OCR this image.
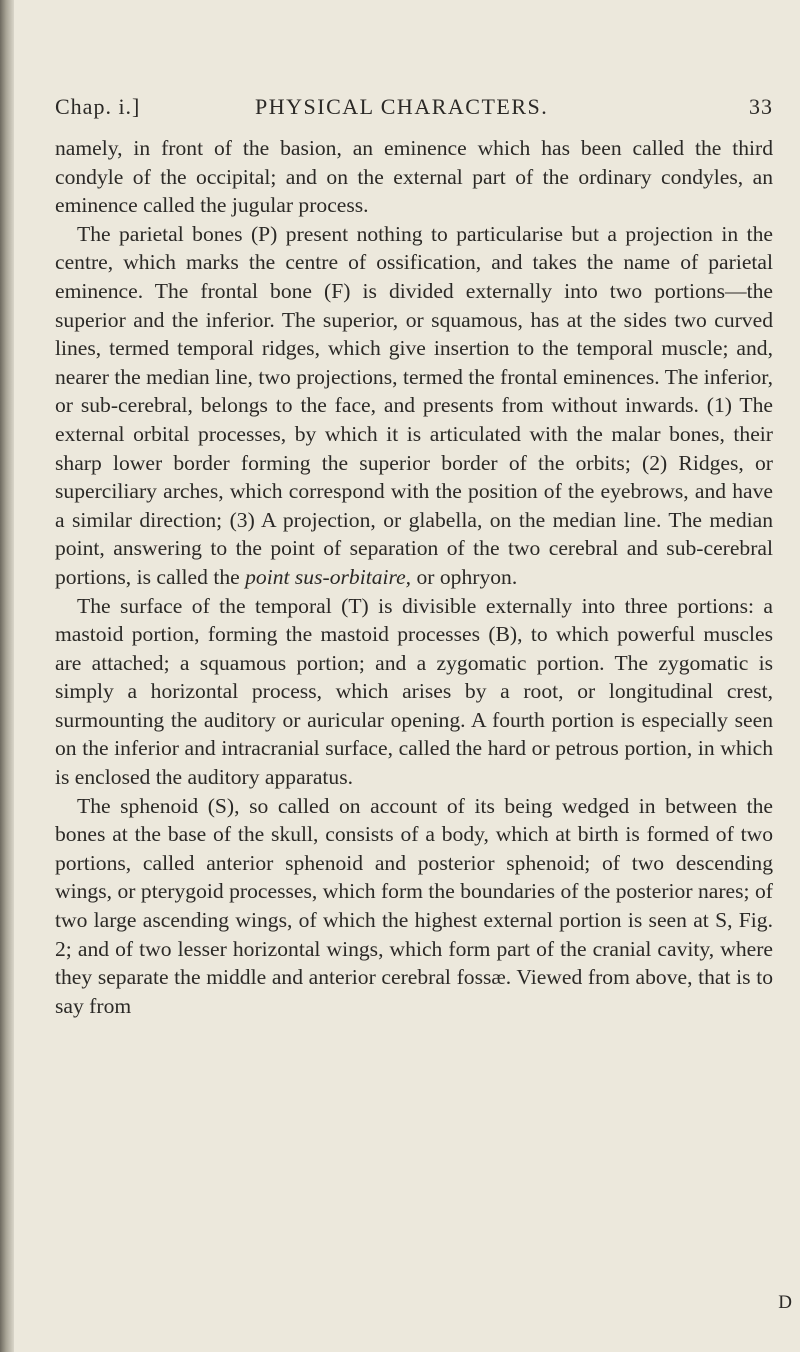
Chap. i.]	PHYSICAL CHARACTERS.	33

namely, in front of the basion, an eminence which has been called the third condyle of the occipital; and on the external part of the ordinary condyles, an eminence called the jugular process.

The parietal bones (P) present nothing to particularise but a projection in the centre, which marks the centre of ossification, and takes the name of parietal eminence. The frontal bone (F) is divided externally into two portions—the superior and the inferior. The superior, or squamous, has at the sides two curved lines, termed temporal ridges, which give insertion to the temporal muscle; and, nearer the median line, two projections, termed the frontal eminences. The inferior, or sub-cerebral, belongs to the face, and presents from without inwards. (1) The external orbital processes, by which it is articulated with the malar bones, their sharp lower border forming the superior border of the orbits; (2) Ridges, or superciliary arches, which correspond with the position of the eyebrows, and have a similar direction; (3) A projection, or glabella, on the median line. The median point, answering to the point of separation of the two cerebral and sub-cerebral portions, is called the point sus-orbitaire, or ophryon.

The surface of the temporal (T) is divisible externally into three portions: a mastoid portion, forming the mastoid processes (B), to which powerful muscles are attached; a squamous portion; and a zygomatic portion. The zygomatic is simply a horizontal process, which arises by a root, or longitudinal crest, surmounting the auditory or auricular opening. A fourth portion is especially seen on the inferior and intracranial surface, called the hard or petrous portion, in which is enclosed the auditory apparatus.

The sphenoid (S), so called on account of its being wedged in between the bones at the base of the skull, consists of a body, which at birth is formed of two portions, called anterior sphenoid and posterior sphenoid; of two descending wings, or pterygoid processes, which form the boundaries of the posterior nares; of two large ascending wings, of which the highest external portion is seen at S, Fig. 2; and of two lesser horizontal wings, which form part of the cranial cavity, where they separate the middle and anterior cerebral fossæ. Viewed from above, that is to say from

D
